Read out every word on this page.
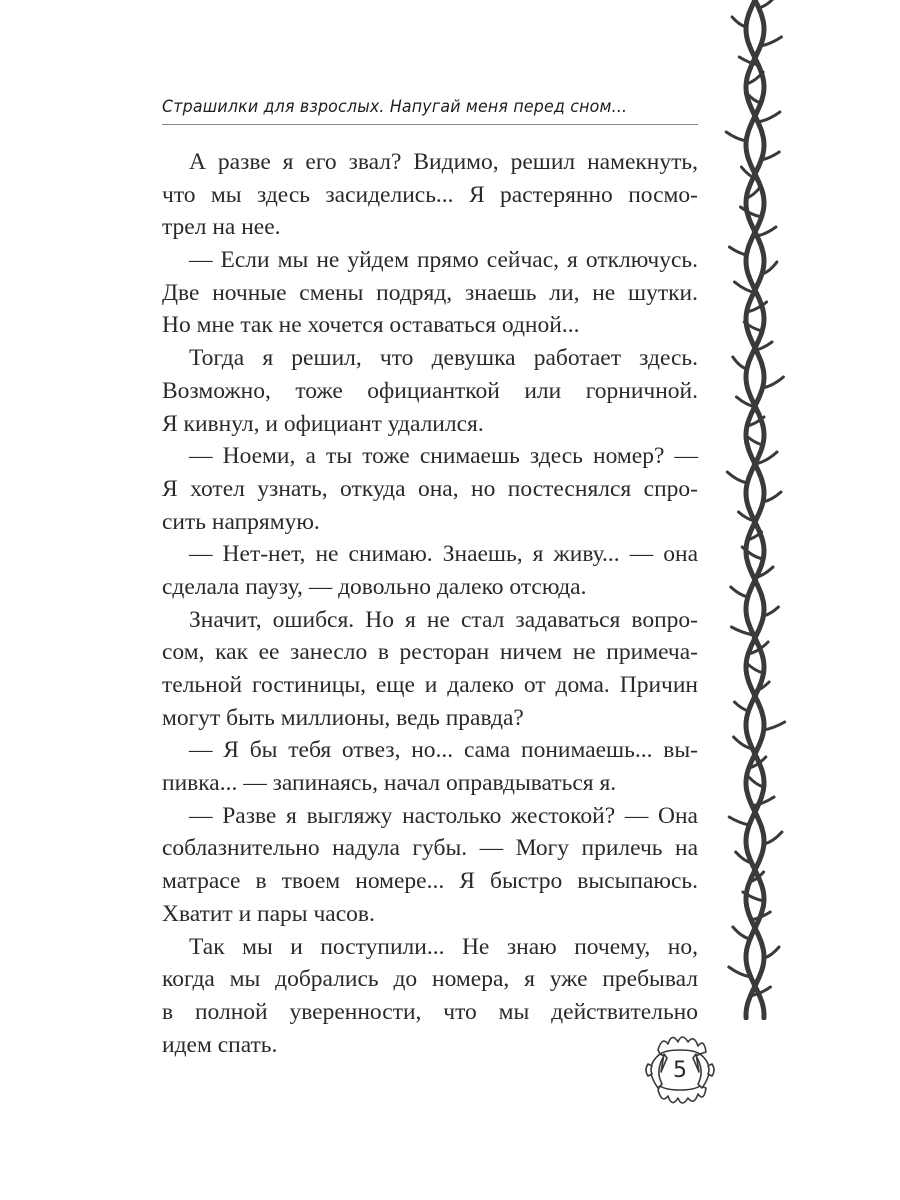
Страшилки для взрослых. Напугай меня перед сном...
А разве я его звал? Видимо, решил намекнуть,
что мы здесь засиделись... Я растерянно посмо-
трел на нее.
— Если мы не уйдем прямо сейчас, я отключусь.
Две ночные смены подряд, знаешь ли, не шутки.
Но мне так не хочется оставаться одной...
Тогда я решил, что девушка работает здесь.
Возможно, тоже официанткой или горничной.
Я кивнул, и официант удалился.
— Ноеми, а ты тоже снимаешь здесь номер? —
Я хотел узнать, откуда она, но постеснялся спро-
сить напрямую.
— Нет-нет, не снимаю. Знаешь, я живу... — она
сделала паузу, — довольно далеко отсюда.
Значит, ошибся. Но я не стал задаваться вопро-
сом, как ее занесло в ресторан ничем не примеча-
тельной гостиницы, еще и далеко от дома. Причин
могут быть миллионы, ведь правда?
— Я бы тебя отвез, но... сама понимаешь... вы-
пивка... — запинаясь, начал оправдываться я.
— Разве я выгляжу настолько жестокой? — Она
соблазнительно надула губы. — Могу прилечь на
матрасе в твоем номере... Я быстро высыпаюсь.
Хватит и пары часов.
Так мы и поступили... Не знаю почему, но,
когда мы добрались до номера, я уже пребывал
в полной уверенности, что мы действительно
идем спать.
5
